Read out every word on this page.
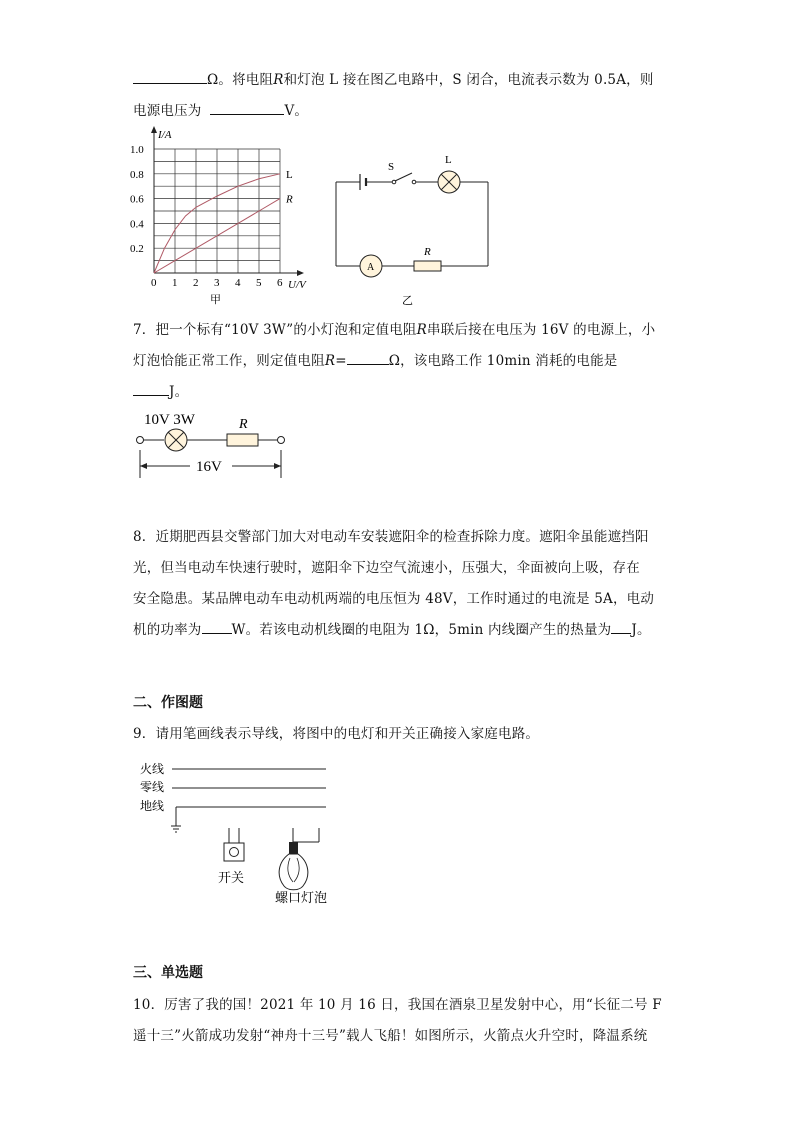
Ω。将电阻R和灯泡 L 接在图乙电路中，S 闭合，电流表示数为 0.5A，则
电源电压为	V。
I/A
U/V
0 1 2 3 4 5 6
0.2
0.4
0.6
0.8
1.0
L
R
甲
S
L
A
R
乙
7．把一个标有“10V 3W”的小灯泡和定值电阻R串联后接在电压为 16V 的电源上，小
灯泡恰能正常工作，则定值电阻R=	Ω，该电路工作 10min 消耗的电能是
J。
10V 3W	R
16V
8．近期肥西县交警部门加大对电动车安装遮阳伞的检查拆除力度。遮阳伞虽能遮挡阳
光，但当电动车快速行驶时，遮阳伞下边空气流速小，压强大，伞面被向上吸，存在
安全隐患。某品牌电动车电动机两端的电压恒为 48V，工作时通过的电流是 5A，电动
机的功率为 W。若该电动机线圈的电阻为 1Ω，5min 内线圈产生的热量为 J。
二、作图题
9．请用笔画线表示导线，将图中的电灯和开关正确接入家庭电路。
火线
零线
地线
开关
螺口灯泡
三、单选题
10．厉害了我的国！2021 年 10 月 16 日，我国在酒泉卫星发射中心，用“长征二号 F
遥十三”火箭成功发射“神舟十三号”载人飞船！如图所示，火箭点火升空时，降温系统
